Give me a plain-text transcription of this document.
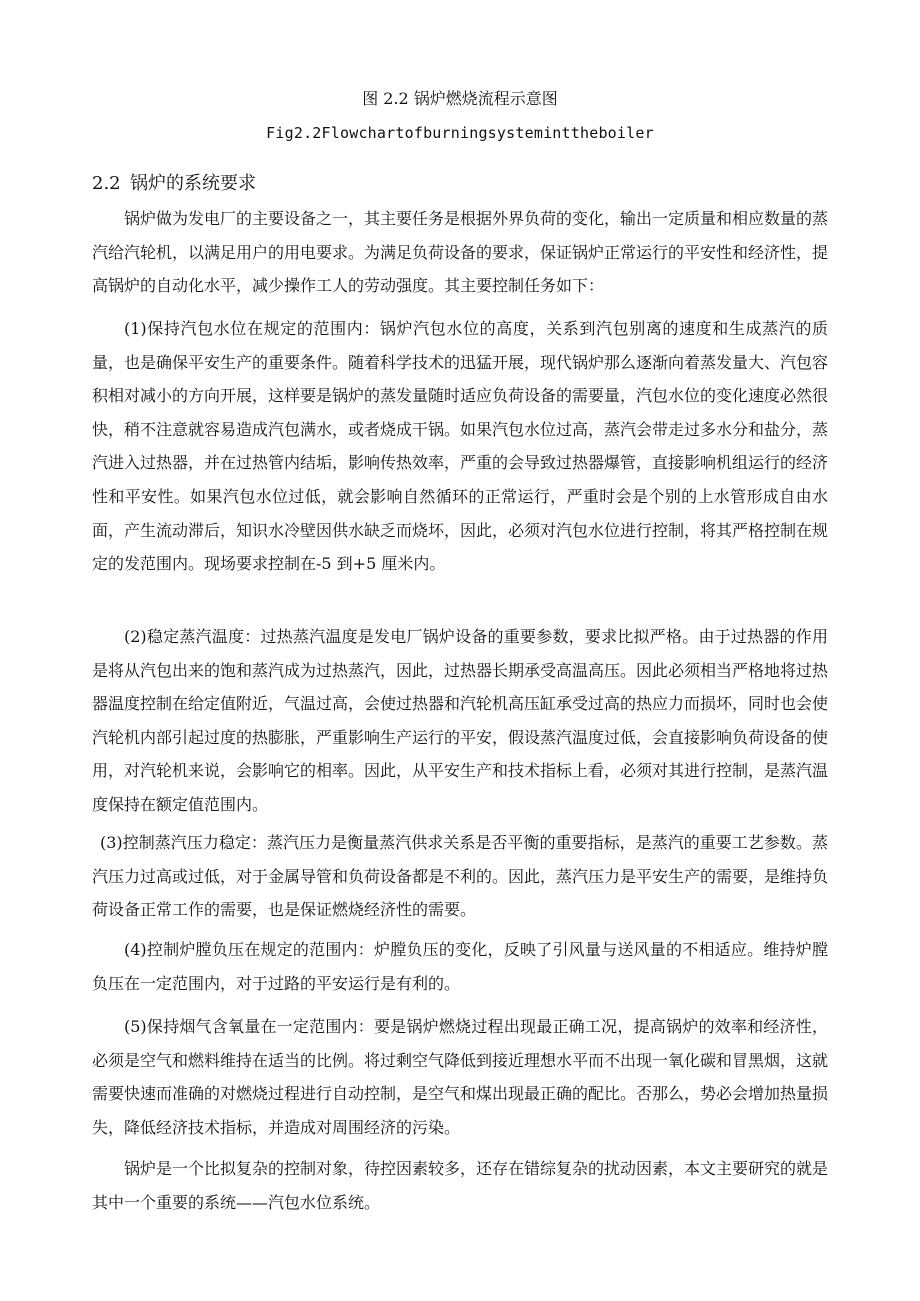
图 2.2 锅炉燃烧流程示意图
Fig2.2Flowchartofburningsysteminttheboiler
2.2 锅炉的系统要求

锅炉做为发电厂的主要设备之一，其主要任务是根据外界负荷的变化，输出一定质量和相应数量的蒸汽给汽轮机，以满足用户的用电要求。为满足负荷设备的要求，保证锅炉正常运行的平安性和经济性，提高锅炉的自动化水平，减少操作工人的劳动强度。其主要控制任务如下：

(1)保持汽包水位在规定的范围内：锅炉汽包水位的高度，关系到汽包别离的速度和生成蒸汽的质量，也是确保平安生产的重要条件。随着科学技术的迅猛开展，现代锅炉那么逐渐向着蒸发量大、汽包容积相对减小的方向开展，这样要是锅炉的蒸发量随时适应负荷设备的需要量，汽包水位的变化速度必然很快，稍不注意就容易造成汽包满水，或者烧成干锅。如果汽包水位过高，蒸汽会带走过多水分和盐分，蒸汽进入过热器，并在过热管内结垢，影响传热效率，严重的会导致过热器爆管，直接影响机组运行的经济性和平安性。如果汽包水位过低，就会影响自然循环的正常运行，严重时会是个别的上水管形成自由水面，产生流动滞后，知识水冷壁因供水缺乏而烧坏，因此，必须对汽包水位进行控制，将其严格控制在规定的发范围内。现场要求控制在-5 到+5 厘米内。

(2)稳定蒸汽温度：过热蒸汽温度是发电厂锅炉设备的重要参数，要求比拟严格。由于过热器的作用是将从汽包出来的饱和蒸汽成为过热蒸汽，因此，过热器长期承受高温高压。因此必须相当严格地将过热器温度控制在给定值附近，气温过高，会使过热器和汽轮机高压缸承受过高的热应力而损坏，同时也会使汽轮机内部引起过度的热膨胀，严重影响生产运行的平安，假设蒸汽温度过低，会直接影响负荷设备的使用，对汽轮机来说，会影响它的相率。因此，从平安生产和技术指标上看，必须对其进行控制，是蒸汽温度保持在额定值范围内。

(3)控制蒸汽压力稳定：蒸汽压力是衡量蒸汽供求关系是否平衡的重要指标，是蒸汽的重要工艺参数。蒸汽压力过高或过低，对于金属导管和负荷设备都是不利的。因此，蒸汽压力是平安生产的需要，是维持负荷设备正常工作的需要，也是保证燃烧经济性的需要。

(4)控制炉膛负压在规定的范围内：炉膛负压的变化，反映了引风量与送风量的不相适应。维持炉膛负压在一定范围内，对于过路的平安运行是有利的。

(5)保持烟气含氧量在一定范围内：要是锅炉燃烧过程出现最正确工况，提高锅炉的效率和经济性，必须是空气和燃料维持在适当的比例。将过剩空气降低到接近理想水平而不出现一氧化碳和冒黑烟，这就需要快速而准确的对燃烧过程进行自动控制，是空气和煤出现最正确的配比。否那么，势必会增加热量损失，降低经济技术指标，并造成对周围经济的污染。

锅炉是一个比拟复杂的控制对象，待控因素较多，还存在错综复杂的扰动因素，本文主要研究的就是其中一个重要的系统——汽包水位系统。
